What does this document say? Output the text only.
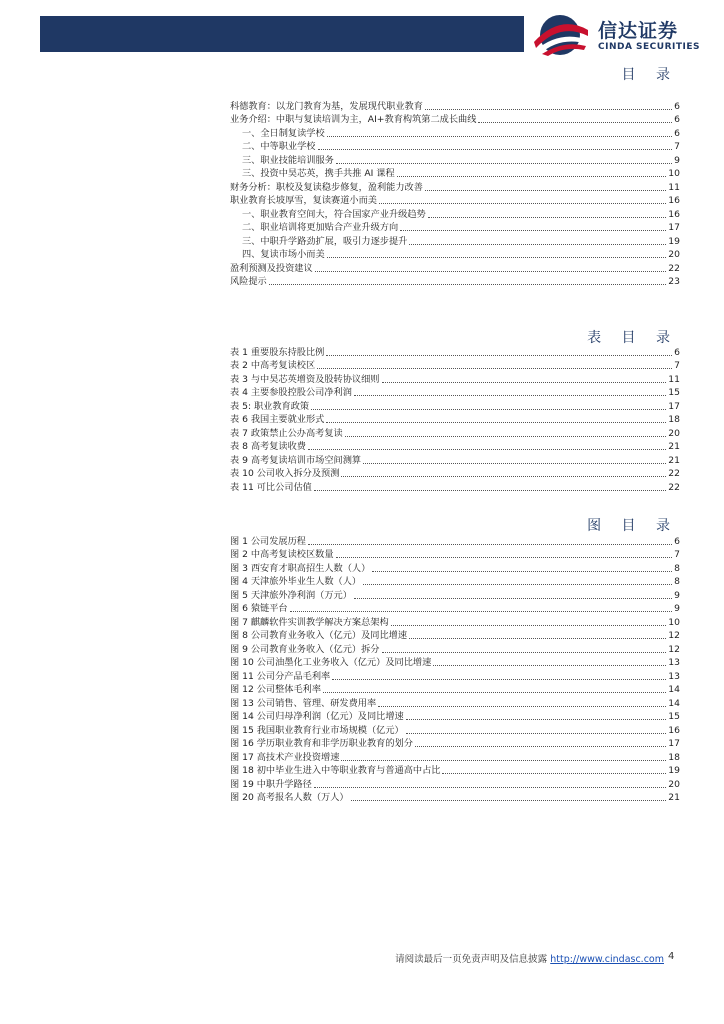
信达证券
CINDA SECURITIES
目 录
科德教育：以龙门教育为基，发展现代职业教育	6
业务介绍：中职与复读培训为主，AI+教育构筑第二成长曲线	6
一、全日制复读学校	6
二、中等职业学校	7
三、职业技能培训服务	9
三、投资中昊芯英，携手共推 AI 课程	10
财务分析：职校及复读稳步修复，盈利能力改善	11
职业教育长坡厚雪，复读赛道小而美	16
一、职业教育空间大，符合国家产业升级趋势	16
二、职业培训将更加贴合产业升级方向	17
三、中职升学路劲扩展，吸引力逐步提升	19
四、复读市场小而美	20
盈利预测及投资建议	22
风险提示	23
表 目 录
表 1 重要股东持股比例	6
表 2 中高考复读校区	7
表 3 与中昊芯英增资及股转协议细则	11
表 4 主要参股控股公司净利润	15
表 5: 职业教育政策	17
表 6 我国主要就业形式	18
表 7 政策禁止公办高考复读	20
表 8 高考复读收费	21
表 9 高考复读培训市场空间测算	21
表 10 公司收入拆分及预测	22
表 11 可比公司估值	22
图 目 录
图 1 公司发展历程	6
图 2 中高考复读校区数量	7
图 3 西安育才职高招生人数（人）	8
图 4 天津旅外毕业生人数（人）	8
图 5 天津旅外净利润（万元）	9
图 6 猿链平台	9
图 7 麒麟软件实训教学解决方案总架构	10
图 8 公司教育业务收入（亿元）及同比增速	12
图 9 公司教育业务收入（亿元）拆分	12
图 10 公司油墨化工业务收入（亿元）及同比增速	13
图 11 公司分产品毛利率	13
图 12 公司整体毛利率	14
图 13 公司销售、管理、研发费用率	14
图 14 公司归母净利润（亿元）及同比增速	15
图 15 我国职业教育行业市场规模（亿元）	16
图 16 学历职业教育和非学历职业教育的划分	17
图 17 高技术产业投资增速	18
图 18 初中毕业生进入中等职业教育与普通高中占比	19
图 19 中职升学路径	20
图 20 高考报名人数（万人）	21
请阅读最后一页免责声明及信息披露 http://www.cindasc.com 4
